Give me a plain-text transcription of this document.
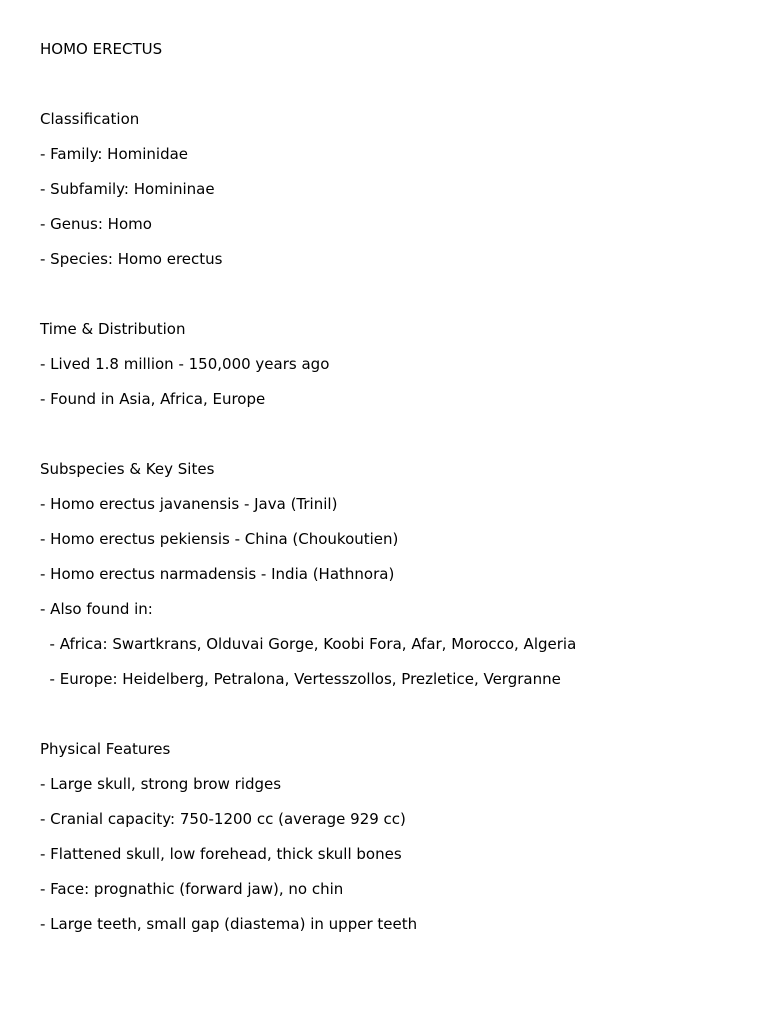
HOMO ERECTUS
Classification
- Family: Hominidae
- Subfamily: Homininae
- Genus: Homo
- Species: Homo erectus
Time & Distribution
- Lived 1.8 million - 150,000 years ago
- Found in Asia, Africa, Europe
Subspecies & Key Sites
- Homo erectus javanensis - Java (Trinil)
- Homo erectus pekiensis - China (Choukoutien)
- Homo erectus narmadensis - India (Hathnora)
- Also found in:
- Africa: Swartkrans, Olduvai Gorge, Koobi Fora, Afar, Morocco, Algeria
- Europe: Heidelberg, Petralona, Vertesszollos, Prezletice, Vergranne
Physical Features
- Large skull, strong brow ridges
- Cranial capacity: 750-1200 cc (average 929 cc)
- Flattened skull, low forehead, thick skull bones
- Face: prognathic (forward jaw), no chin
- Large teeth, small gap (diastema) in upper teeth
